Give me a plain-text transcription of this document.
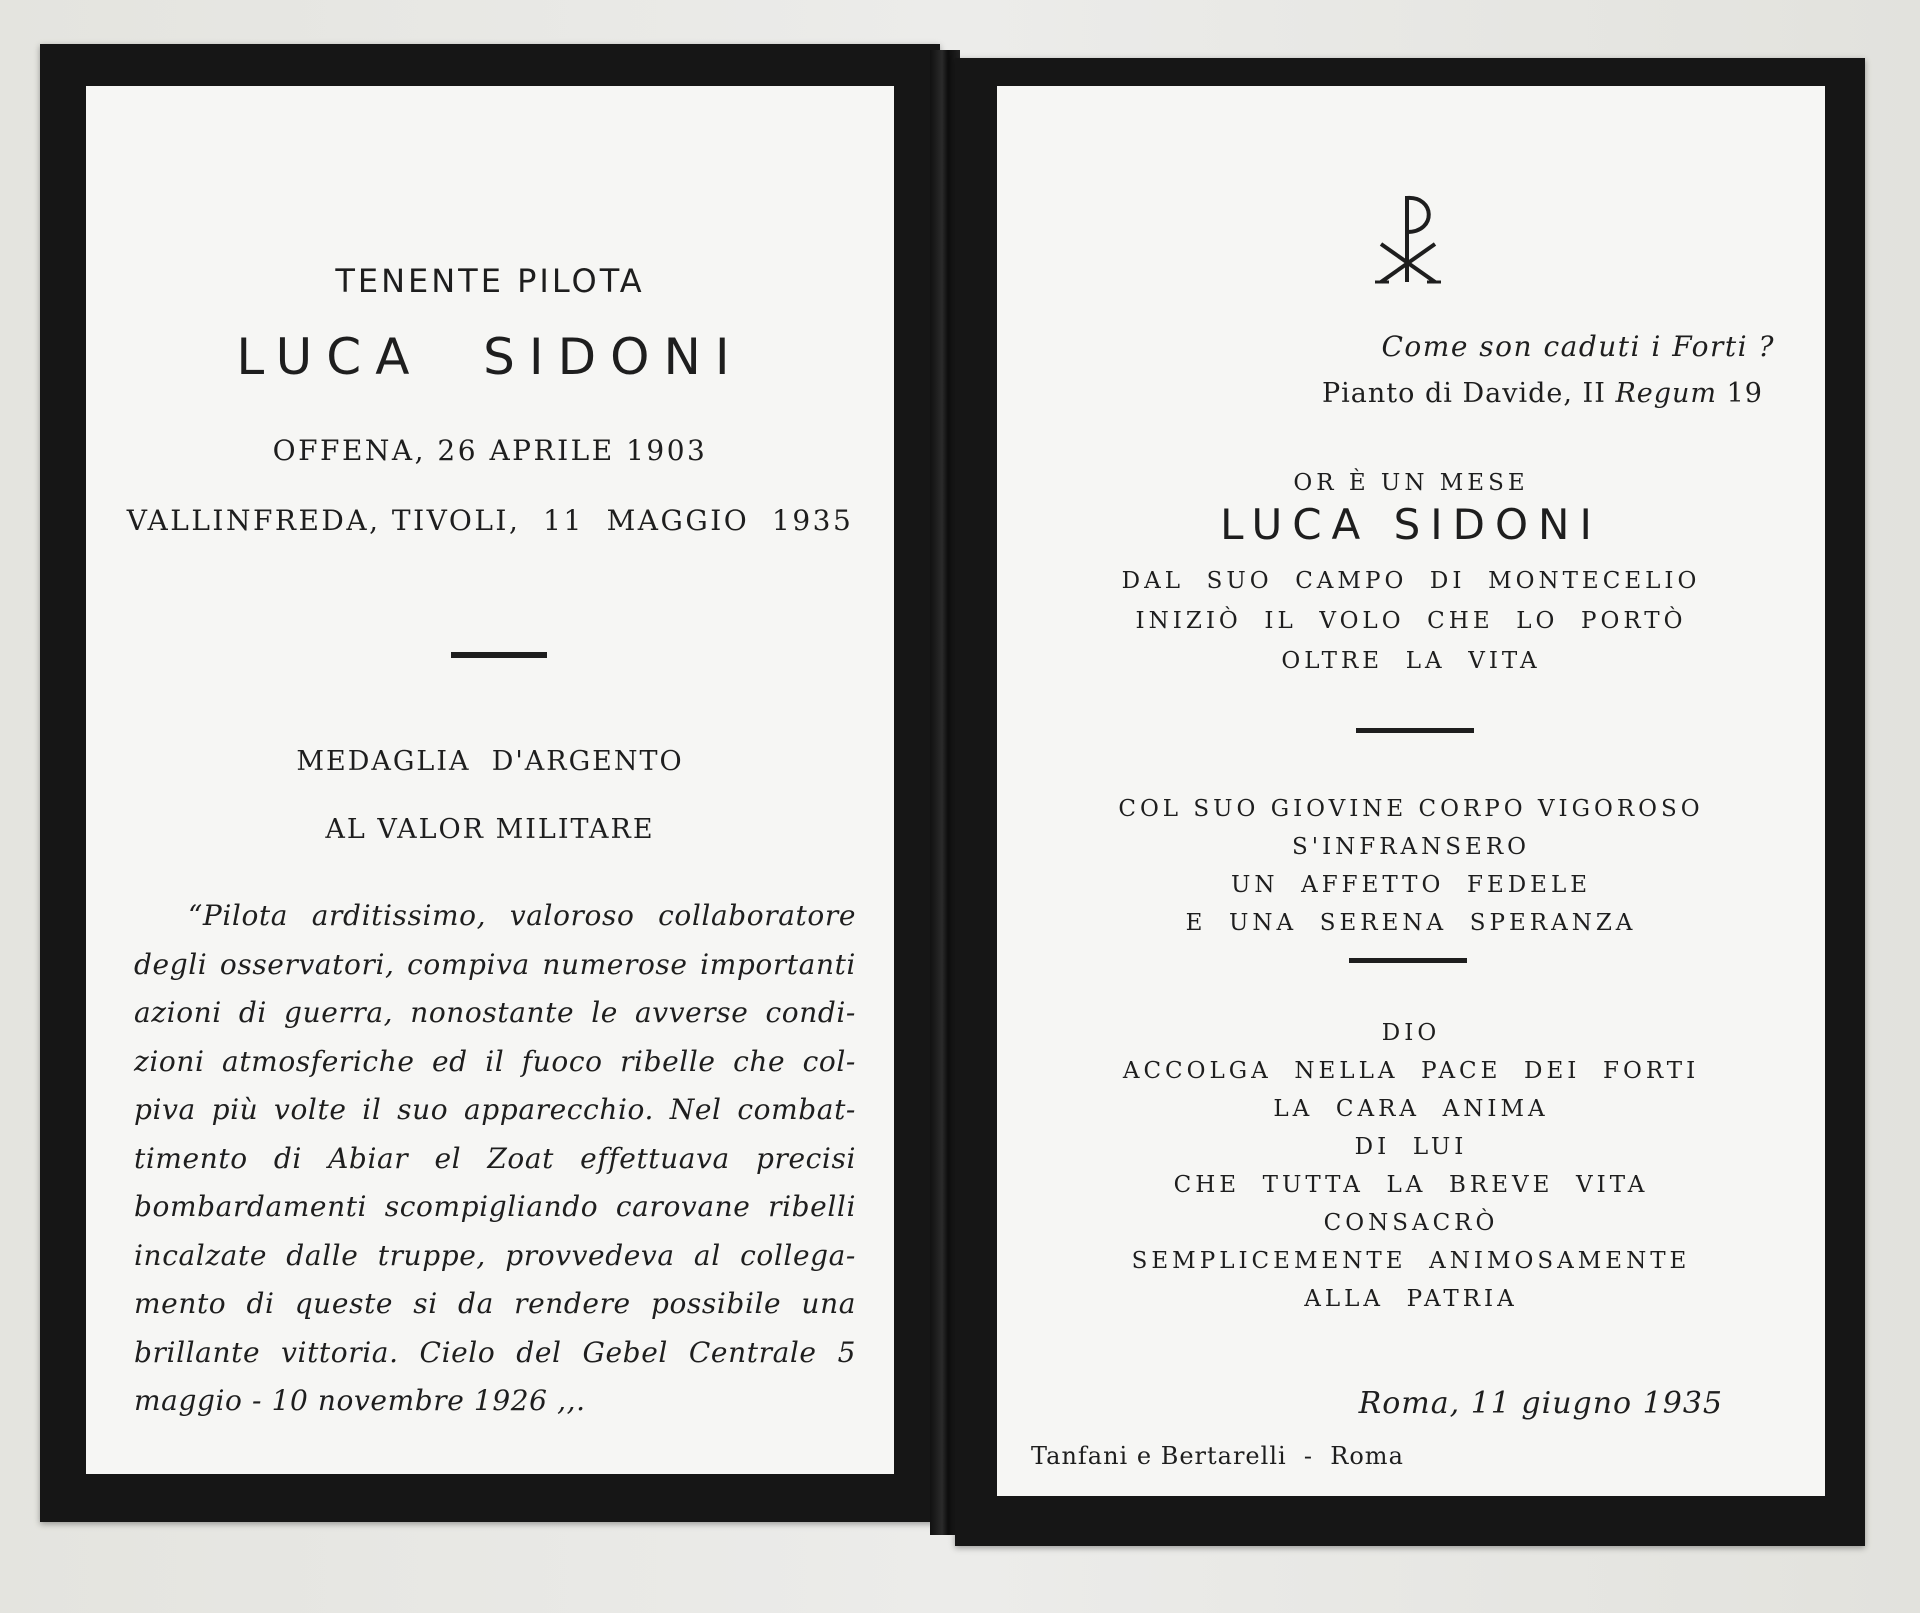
TENENTE PILOTA
LUCA  SIDONI
OFFENA, 26 APRILE 1903
VALLINFREDA, TIVOLI,  11  MAGGIO  1935
MEDAGLIA  D'ARGENTO
AL VALOR MILITARE
“Pilota arditissimo, valoroso collaboratore
degli osservatori, compiva numerose importanti
azioni di guerra, nonostante le avverse condi-
zioni atmosferiche ed il fuoco ribelle che col-
piva più volte il suo apparecchio. Nel combat-
timento di Abiar el Zoat effettuava precisi
bombardamenti scompigliando carovane ribelli
incalzate dalle truppe, provvedeva al collega-
mento di queste si da rendere possibile una
brillante vittoria. Cielo del Gebel Centrale 5
maggio - 10 novembre 1926 ,,.
Come son caduti i Forti ?
Pianto di Davide, II Regum 19
OR È UN MESE
LUCA SIDONI
DAL  SUO  CAMPO  DI  MONTECELIO
INIZIÒ  IL  VOLO  CHE  LO  PORTÒ
OLTRE  LA  VITA
COL SUO GIOVINE CORPO VIGOROSO
S'INFRANSERO
UN  AFFETTO  FEDELE
E  UNA  SERENA  SPERANZA
DIO
ACCOLGA  NELLA  PACE  DEI  FORTI
LA  CARA  ANIMA
DI  LUI
CHE  TUTTA  LA  BREVE  VITA
CONSACRÒ
SEMPLICEMENTE  ANIMOSAMENTE
ALLA  PATRIA
Roma, 11 giugno 1935
Tanfani e Bertarelli  -  Roma
